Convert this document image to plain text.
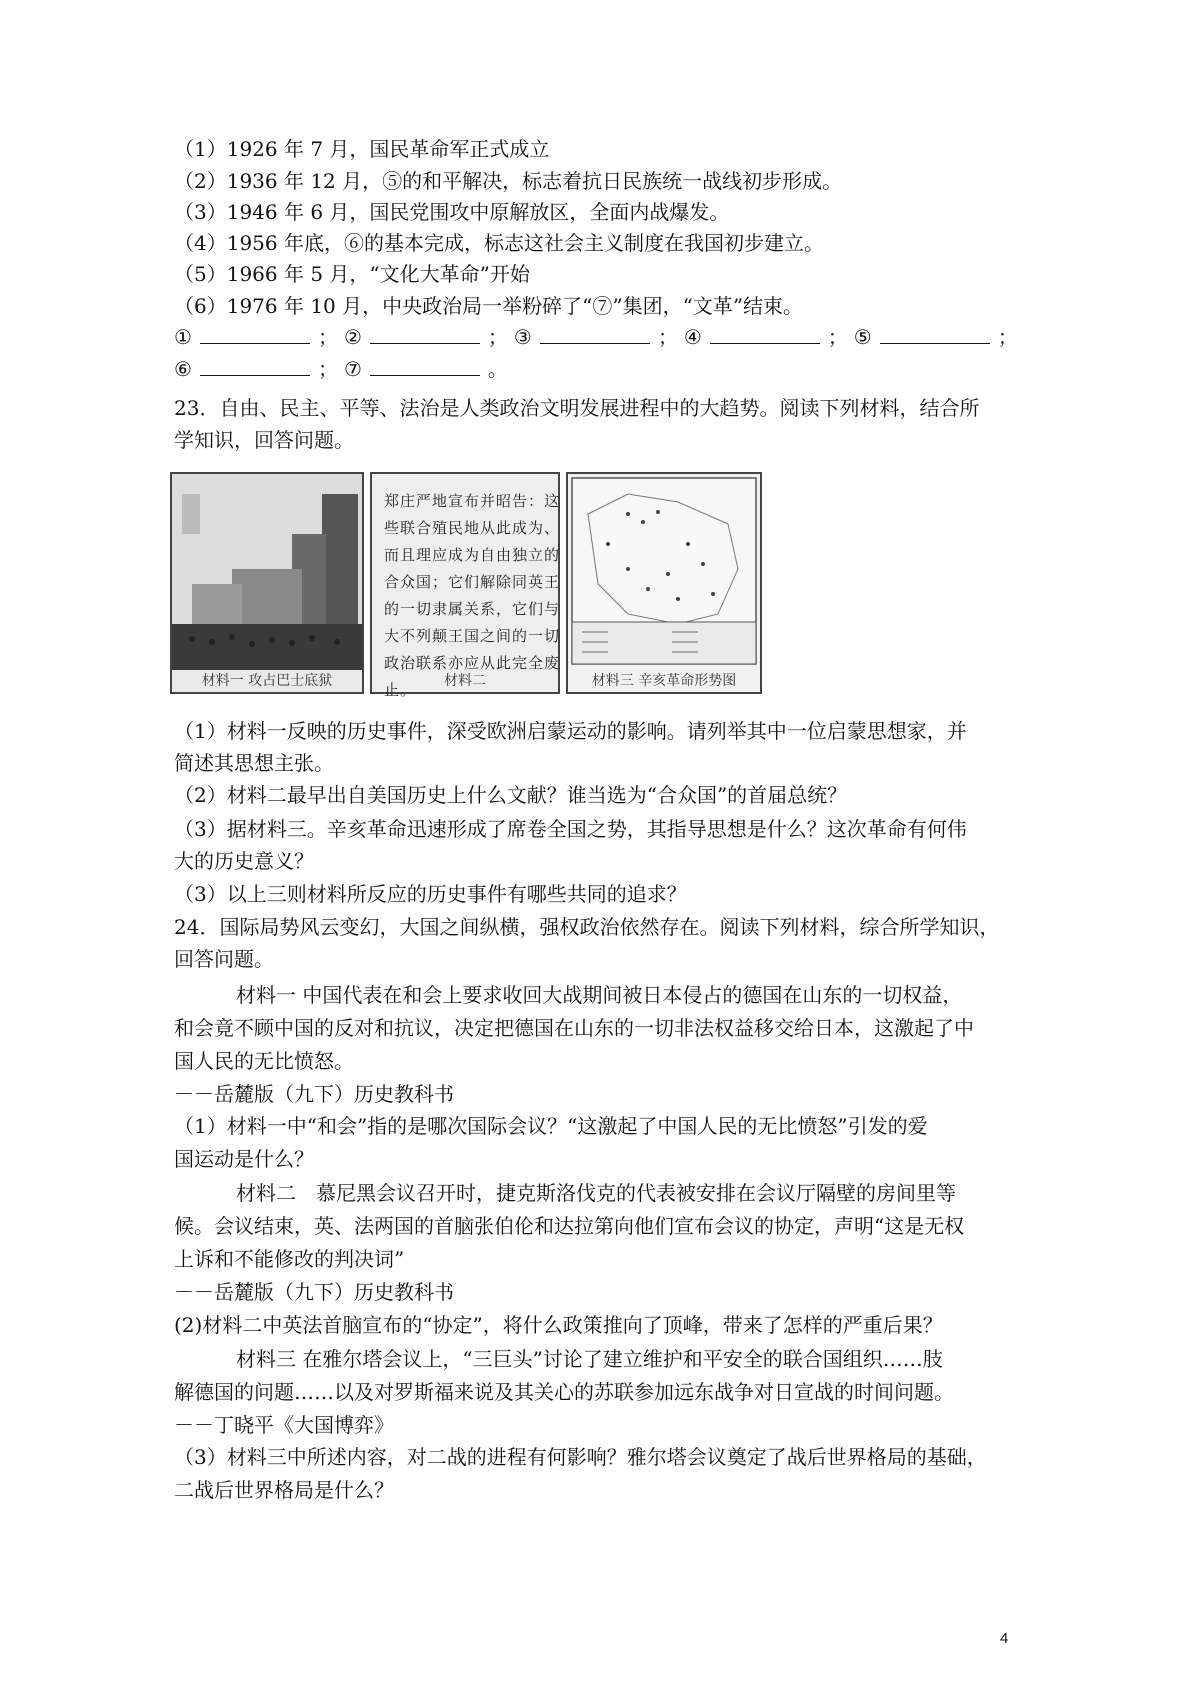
（1）1926 年 7 月，国民革命军正式成立
（2）1936 年 12 月，⑤的和平解决，标志着抗日民族统一战线初步形成。
（3）1946 年 6 月，国民党围攻中原解放区，全面内战爆发。
（4）1956 年底，⑥的基本完成，标志这社会主义制度在我国初步建立。
（5）1966 年 5 月，“文化大革命”开始
（6）1976 年 10 月，中央政治局一举粉碎了“⑦”集团，“文革”结束。
①	； ②	； ③	； ④	； ⑤	；
⑥	； ⑦	。
23．自由、民主、平等、法治是人类政治文明发展进程中的大趋势。阅读下列材料，结合所
学知识，回答问题。
材料一 攻占巴士底狱
郑庄严地宣布并昭告：这些联合殖民地从此成为、而且理应成为自由独立的合众国；它们解除同英王的一切隶属关系，它们与大不列颠王国之间的一切政治联系亦应从此完全废止。	材料二	材料三 辛亥革命形势图
（1）材料一反映的历史事件，深受欧洲启蒙运动的影响。请列举其中一位启蒙思想家，并
简述其思想主张。
（2）材料二最早出自美国历史上什么文献？谁当选为“合众国”的首届总统？
（3）据材料三。辛亥革命迅速形成了席卷全国之势，其指导思想是什么？这次革命有何伟
大的历史意义？
（3）以上三则材料所反应的历史事件有哪些共同的追求？
24．国际局势风云变幻，大国之间纵横，强权政治依然存在。阅读下列材料，综合所学知识，
回答问题。
材料一 中国代表在和会上要求收回大战期间被日本侵占的德国在山东的一切权益，
和会竟不顾中国的反对和抗议，决定把德国在山东的一切非法权益移交给日本，这激起了中
国人民的无比愤怒。
－－岳麓版（九下）历史教科书
（1）材料一中“和会”指的是哪次国际会议？“这激起了中国人民的无比愤怒”引发的爱
国运动是什么？
材料二　慕尼黑会议召开时，捷克斯洛伐克的代表被安排在会议厅隔壁的房间里等
候。会议结束，英、法两国的首脑张伯伦和达拉第向他们宣布会议的协定，声明“这是无权
上诉和不能修改的判决词”
－－岳麓版（九下）历史教科书
(2)材料二中英法首脑宣布的“协定”，将什么政策推向了顶峰，带来了怎样的严重后果？
材料三 在雅尔塔会议上，“三巨头”讨论了建立维护和平安全的联合国组织……肢
解德国的问题……以及对罗斯福来说及其关心的苏联参加远东战争对日宣战的时间问题。
－－丁晓平《大国博弈》
（3）材料三中所述内容，对二战的进程有何影响？雅尔塔会议奠定了战后世界格局的基础，
二战后世界格局是什么？
4
